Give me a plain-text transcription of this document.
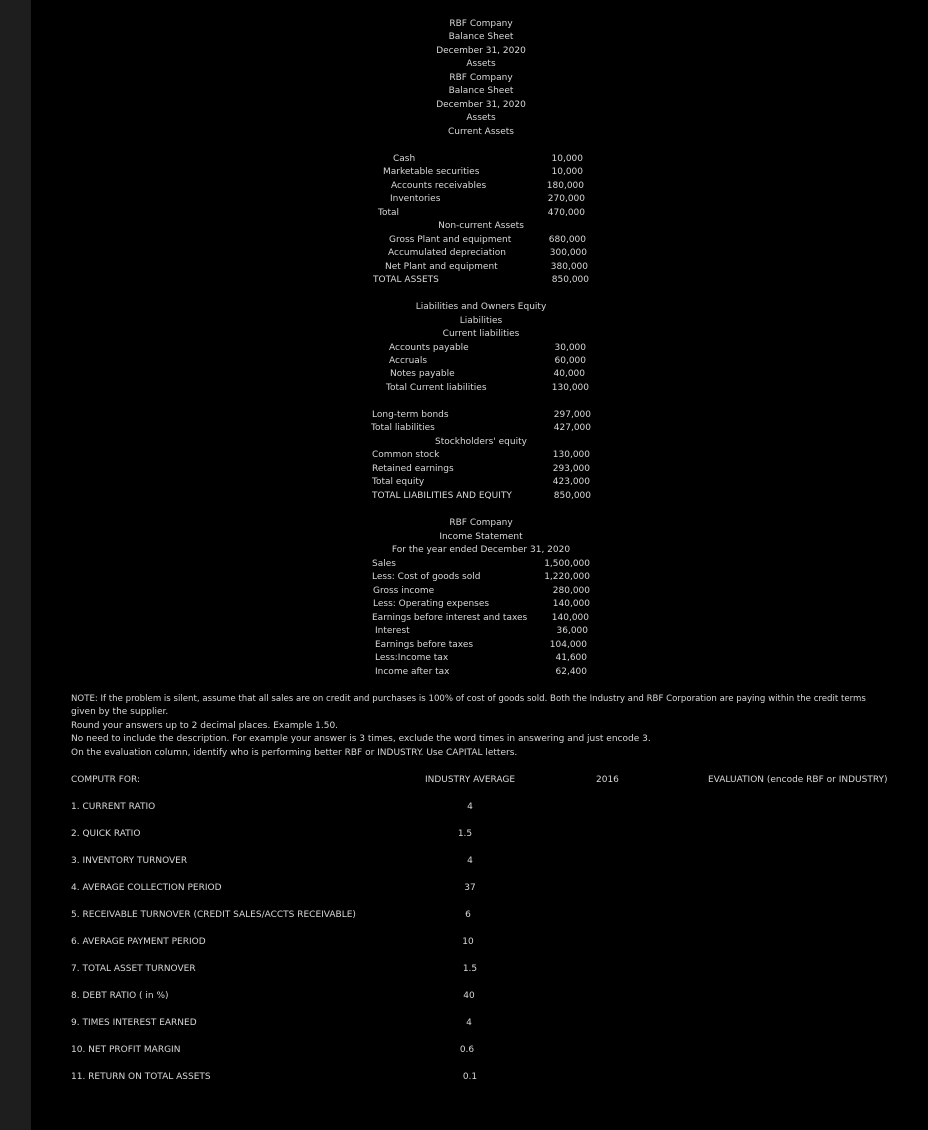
RBF Company
Balance Sheet
December 31, 2020
Assets
RBF Company
Balance Sheet
December 31, 2020
Assets
Current Assets
Cash	10,000
Marketable securities	10,000
Accounts receivables	180,000
Inventories	270,000
Total	470,000
Non-current Assets
Gross Plant and equipment	680,000
Accumulated depreciation	300,000
Net Plant and equipment	380,000
TOTAL ASSETS	850,000
Liabilities and Owners Equity
Liabilities
Current liabilities
Accounts payable	30,000
Accruals	60,000
Notes payable	40,000
Total Current liabilities	130,000
Long-term bonds	297,000
Total liabilities	427,000
Stockholders' equity
Common stock	130,000
Retained earnings	293,000
Total equity	423,000
TOTAL LIABILITIES AND EQUITY	850,000
RBF Company
Income Statement
For the year ended December 31, 2020
Sales	1,500,000
Less: Cost of goods sold	1,220,000
Gross income	280,000
Less: Operating expenses	140,000
Earnings before interest and taxes	140,000
Interest	36,000
Earnings before taxes	104,000
Less:Income tax	41,600
Income after tax	62,400
NOTE: If the problem is silent, assume that all sales are on credit and purchases is 100% of cost of goods sold. Both the Industry and RBF Corporation are paying within the credit terms
given by the supplier.
Round your answers up to 2 decimal places. Example 1.50.
No need to include the description. For example your answer is 3 times, exclude the word times in answering and just encode 3.
On the evaluation column, identify who is performing better RBF or INDUSTRY. Use CAPITAL letters.
COMPUTR FOR:	INDUSTRY AVERAGE	2016	EVALUATION (encode RBF or INDUSTRY)
1. CURRENT RATIO	4
2. QUICK RATIO	1.5
3. INVENTORY TURNOVER	4
4. AVERAGE COLLECTION PERIOD	37
5. RECEIVABLE TURNOVER (CREDIT SALES/ACCTS RECEIVABLE)	6
6. AVERAGE PAYMENT PERIOD	10
7. TOTAL ASSET TURNOVER	1.5
8. DEBT RATIO ( in %)	40
9. TIMES INTEREST EARNED	4
10. NET PROFIT MARGIN	0.6
11. RETURN ON TOTAL ASSETS	0.1
